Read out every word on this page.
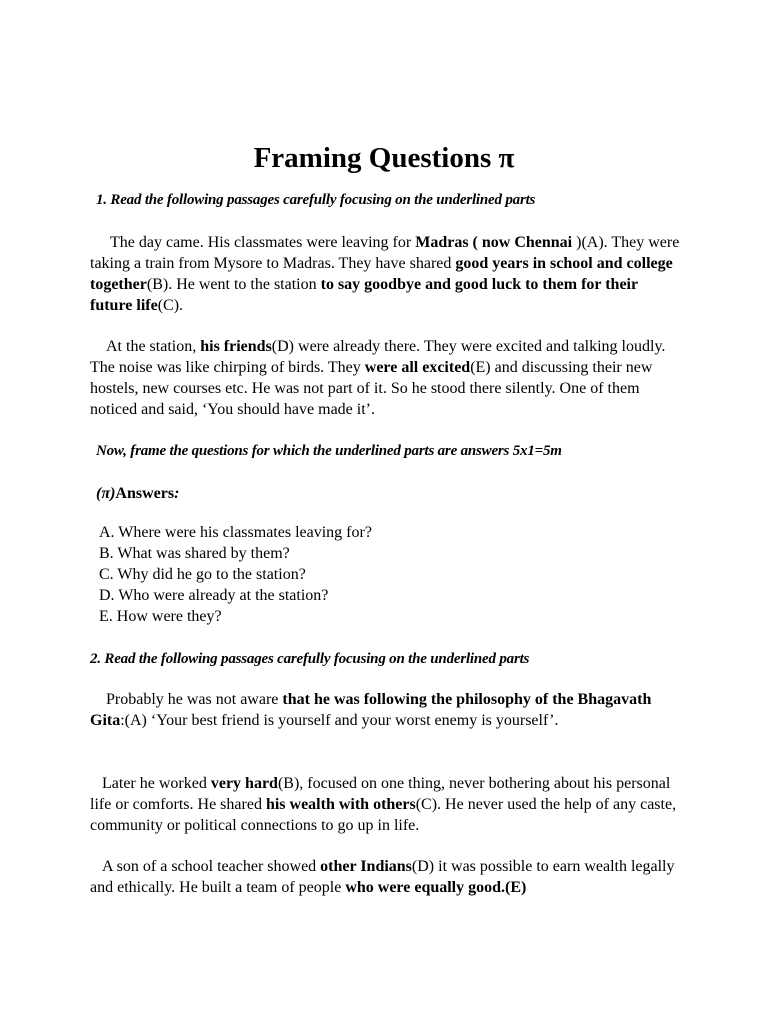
Framing Questions π
1. Read the following passages carefully focusing on the underlined parts

The day came. His classmates were leaving for Madras ( now Chennai )(A). They were taking a train from Mysore to Madras. They have shared good years in school and college together(B). He went to the station to say goodbye and good luck to them for their future life(C).

At the station, his friends(D) were already there. They were excited and talking loudly. The noise was like chirping of birds. They were all excited(E) and discussing their new hostels, new courses etc. He was not part of it. So he stood there silently. One of them noticed and said, ‘You should have made it’.

Now, frame the questions for which the underlined parts are answers 5x1=5m
(π)Answers:
A. Where were his classmates leaving for?
B. What was shared by them?
C. Why did he go to the station?
D. Who were already at the station?
E. How were they?
2. Read the following passages carefully focusing on the underlined parts

Probably he was not aware that he was following the philosophy of the Bhagavath Gita:(A) ‘Your best friend is yourself and your worst enemy is yourself’.

Later he worked very hard(B), focused on one thing, never bothering about his personal life or comforts. He shared his wealth with others(C). He never used the help of any caste, community or political connections to go up in life.

A son of a school teacher showed other Indians(D) it was possible to earn wealth legally and ethically. He built a team of people who were equally good.(E)
